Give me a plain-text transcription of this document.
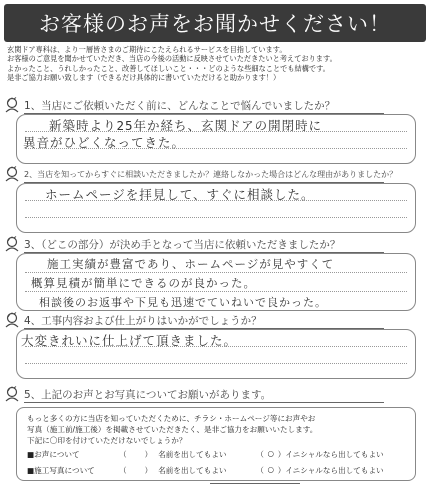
お客様のお声をお聞かせください！
玄関ドア専科は、より一層皆さまのご期待にこたえられるサービスを目指しています。
お客様のご意見を聞かせていただき、当店の今後の活動に反映させていただきたいと考えております。
よかったこと、うれしかったこと、改善してほしいこと・・・どのような些細なことでも結構です。
是非ご協力お願い致します（できるだけ具体的に書いていただけると助かります！）
1、当店にご依頼いただく前に、どんなことで悩んでいましたか？
新築時より25年か経ち、玄関ドアの開閉時に
異音がひどくなってきた。
2、当店を知ってからすぐに相談いただきましたか？連絡しなかった場合はどんな理由がありましたか？
ホームページを拝見して、すぐに相談した。
3、（どこの部分）が決め手となって当店に依頼いただきましたか？
施工実績が豊富であり、ホームページが見やすくて
概算見積が簡単にできるのが良かった。
相談後のお返事や下見も迅速でていねいで良かった。
4、工事内容および仕上がりはいかがでしょうか？
大変きれいに仕上げて頂きました。
5、上記のお声とお写真についてお願いがあります。
もっと多くの方に当店を知っていただくために、チラシ・ホームページ等にお声やお
写真（施工前/施工後）を掲載させていただきたく、是非ご協力をお願いいたします。
下記に〇印を付けていただけないでしょうか？
■お声について	（ ） 名前を出してもよい	（ ○ ） イニシャルなら出してもよい
■施工写真について	（ ） 名前を出してもよい	（ ○ ） イニシャルなら出してもよい
